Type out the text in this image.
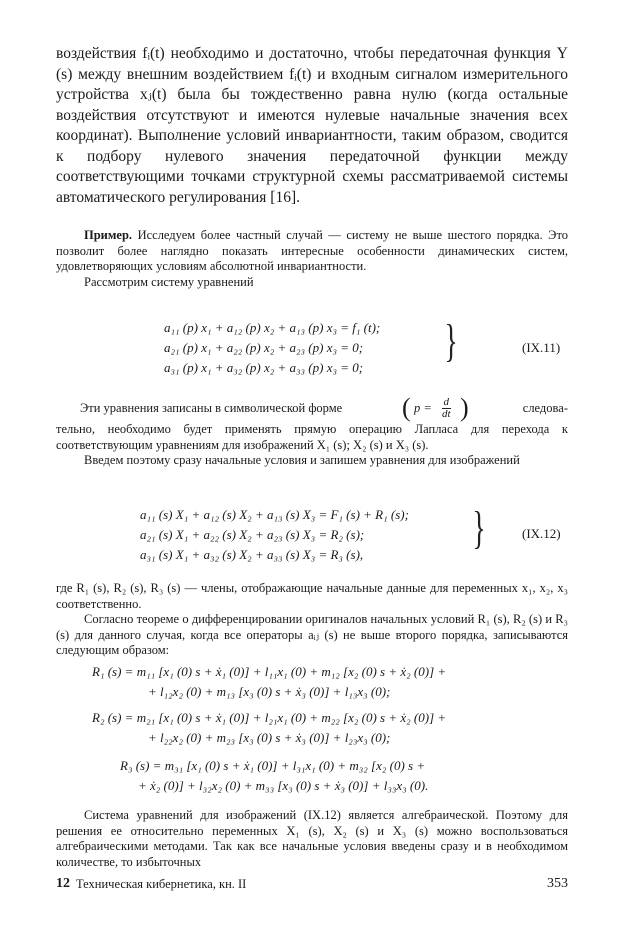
воздействия fᵢ(t) необходимо и достаточно, чтобы передаточная функция Y (s) между внешним воздействием fᵢ(t) и входным сигналом измерительного устройства xⱼ(t) была бы тождественно равна нулю (когда остальные воздействия отсутствуют и имеются нулевые начальные значения всех координат). Выполнение условий инвариантности, таким образом, сводится к подбору нулевого значения передаточной функции между соответствующими точками структурной схемы рассматриваемой системы автоматического регулирования [16].

Пример. Исследуем более частный случай — систему не выше шестого порядка. Это позволит более наглядно показать интересные особенности динамических систем, удовлетворяющих условиям абсолютной инвариантности.

Рассмотрим систему уравнений

a₁₁ (p) x₁ + a₁₂ (p) x₂ + a₁₃ (p) x₃ = f₁ (t);
a₂₁ (p) x₁ + a₂₂ (p) x₂ + a₂₃ (p) x₃ = 0;
a₃₁ (p) x₁ + a₃₂ (p) x₂ + a₃₃ (p) x₃ = 0;
}	(IX.11)
Эти уравнения записаны в символической форме ( $p = \frac{d}{dt}$ )	следова-

тельно, необходимо будет применять прямую операцию Лапласа для перехода к соответствующим уравнениям для изображений X₁ (s); X₂ (s) и X₃ (s).

Введем поэтому сразу начальные условия и запишем уравнения для изображений

a₁₁ (s) X₁ + a₁₂ (s) X₂ + a₁₃ (s) X₃ = F₁ (s) + R₁ (s);
a₂₁ (s) X₁ + a₂₂ (s) X₂ + a₂₃ (s) X₃ = R₂ (s);
a₃₁ (s) X₁ + a₃₂ (s) X₂ + a₃₃ (s) X₃ = R₃ (s),
}	(IX.12)

где R₁ (s), R₂ (s), R₃ (s) — члены, отображающие начальные данные для переменных x₁, x₂, x₃ соответственно.

Согласно теореме о дифференцировании оригиналов начальных условий R₁ (s), R₂ (s) и R₃ (s) для данного случая, когда все операторы aᵢⱼ (s) не выше второго порядка, записываются следующим образом:

R₁ (s) = m₁₁ [x₁ (0) s + ẋ₁ (0)] + l₁₁x₁ (0) + m₁₂ [x₂ (0) s + ẋ₂ (0)] +
+ l₁₂x₂ (0) + m₁₃ [x₃ (0) s + ẋ₃ (0)] + l₁₃x₃ (0);
R₂ (s) = m₂₁ [x₁ (0) s + ẋ₁ (0)] + l₂₁x₁ (0) + m₂₂ [x₂ (0) s + ẋ₂ (0)] +
+ l₂₂x₂ (0) + m₂₃ [x₃ (0) s + ẋ₃ (0)] + l₂₃x₃ (0);
R₃ (s) = m₃₁ [x₁ (0) s + ẋ₁ (0)] + l₃₁x₁ (0) + m₃₂ [x₂ (0) s +
+ ẋ₂ (0)] + l₃₂x₂ (0) + m₃₃ [x₃ (0) s + ẋ₃ (0)] + l₃₃x₃ (0).

Система уравнений для изображений (IX.12) является алгебраической. Поэтому для решения ее относительно переменных X₁ (s), X₂ (s) и X₃ (s) можно воспользоваться алгебраическими методами. Так как все начальные условия введены сразу и в необходимом количестве, то избыточных

12 Техническая кибернетика, кн. II	353
